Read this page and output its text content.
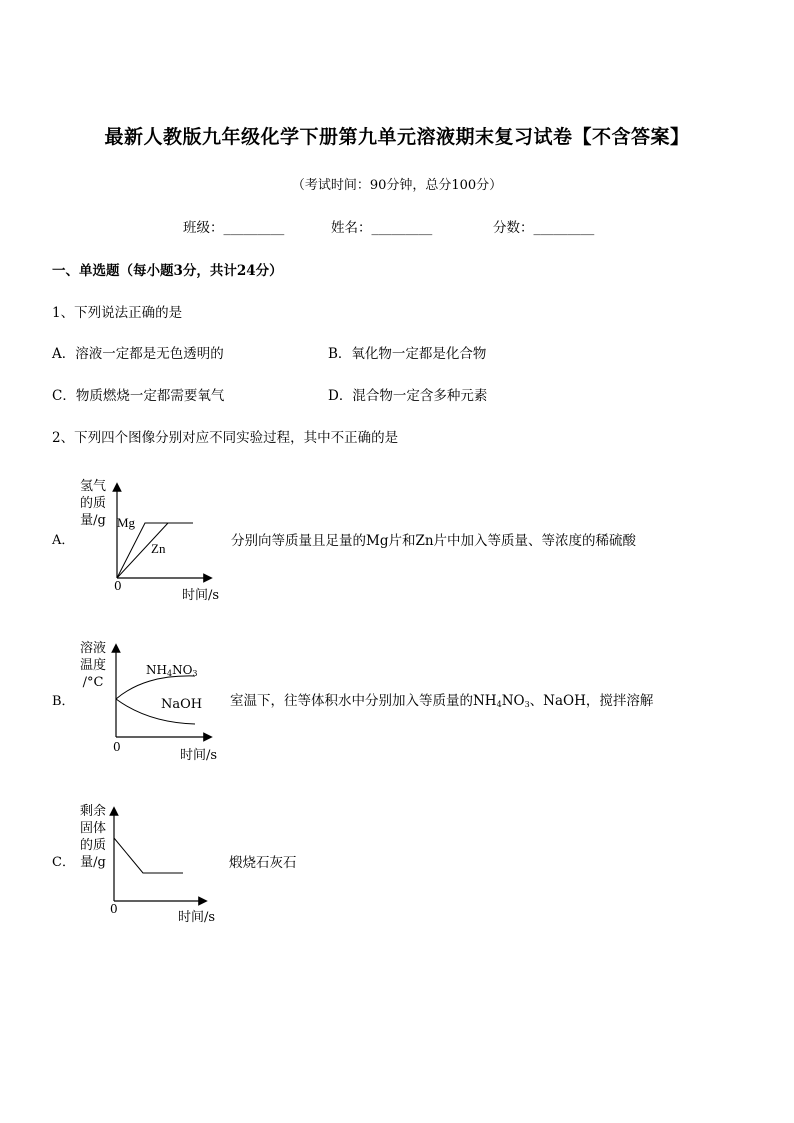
最新人教版九年级化学下册第九单元溶液期末复习试卷【不含答案】
（考试时间：90分钟，总分100分）
班级：_________	姓名：_________	分数：_________
一、单选题（每小题3分，共计24分）
1、下列说法正确的是
A．溶液一定都是无色透明的	B．氧化物一定都是化合物
C．物质燃烧一定都需要氧气	D．混合物一定含多种元素
2、下列四个图像分别对应不同实验过程，其中不正确的是
A．
氢气
的质
量/g Mg
Zn
0
时间/s
分别向等质量且足量的Mg片和Zn片中加入等质量、等浓度的稀硫酸
B．
溶液
温度
/°C
$NH_4NO_3$
NaOH
0
时间/s
室温下，往等体积水中分别加入等质量的$NH_4NO_3$、NaOH，搅拌溶解
C．
剩余
固体
的质
量/g
0
时间/s
煅烧石灰石
